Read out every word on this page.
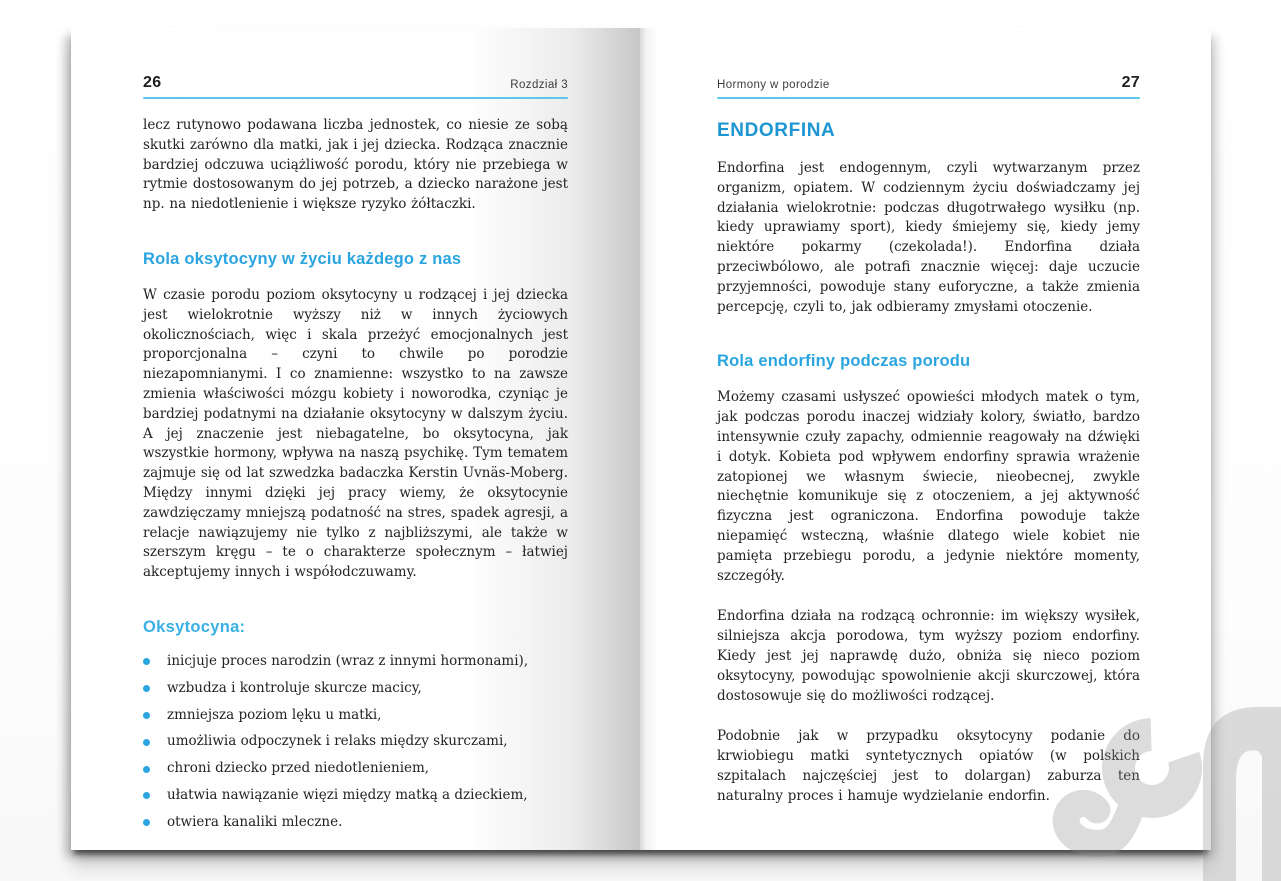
26	Rozdział 3

lecz rutynowo podawana liczba jednostek, co niesie ze sobą skutki zarówno dla matki, jak i jej dziecka. Rodząca znacznie bardziej odczuwa uciążliwość porodu, który nie przebiega w rytmie dostosowanym do jej potrzeb, a dziecko narażone jest np. na niedotlenienie i większe ryzyko żółtaczki.

Rola oksytocyny w życiu każdego z nas

W czasie porodu poziom oksytocyny u rodzącej i jej dziecka jest wielokrotnie wyższy niż w innych życiowych okolicznościach, więc i skala przeżyć emocjonalnych jest proporcjonalna – czyni to chwile po porodzie niezapomnianymi. I co znamienne: wszystko to na zawsze zmienia właściwości mózgu kobiety i noworodka, czyniąc je bardziej podatnymi na działanie oksytocyny w dalszym życiu. A jej znaczenie jest niebagatelne, bo oksytocyna, jak wszystkie hormony, wpływa na naszą psychikę. Tym tematem zajmuje się od lat szwedzka badaczka Kerstin Uvnäs-Moberg. Między innymi dzięki jej pracy wiemy, że oksytocynie zawdzięczamy mniejszą podatność na stres, spadek agresji, a relacje nawiązujemy nie tylko z najbliższymi, ale także w szerszym kręgu – te o charakterze społecznym – łatwiej akceptujemy innych i współodczuwamy.

Oksytocyna:
inicjuje proces narodzin (wraz z innymi hormonami),
wzbudza i kontroluje skurcze macicy,
zmniejsza poziom lęku u matki,
umożliwia odpoczynek i relaks między skurczami,
chroni dziecko przed niedotlenieniem,
ułatwia nawiązanie więzi między matką a dzieckiem,
otwiera kanaliki mleczne.
Hormony w porodzie	27
ENDORFINA

Endorfina jest endogennym, czyli wytwarzanym przez organizm, opiatem. W codziennym życiu doświadczamy jej działania wielokrotnie: podczas długotrwałego wysiłku (np. kiedy uprawiamy sport), kiedy śmiejemy się, kiedy jemy niektóre pokarmy (czekolada!). Endorfina działa przeciwbólowo, ale potrafi znacznie więcej: daje uczucie przyjemności, powoduje stany euforyczne, a także zmienia percepcję, czyli to, jak odbieramy zmysłami otoczenie.

Rola endorfiny podczas porodu

Możemy czasami usłyszeć opowieści młodych matek o tym, jak podczas porodu inaczej widziały kolory, światło, bardzo intensywnie czuły zapachy, odmiennie reagowały na dźwięki i dotyk. Kobieta pod wpływem endorfiny sprawia wrażenie zatopionej we własnym świecie, nieobecnej, zwykle niechętnie komunikuje się z otoczeniem, a jej aktywność fizyczna jest ograniczona. Endorfina powoduje także niepamięć wsteczną, właśnie dlatego wiele kobiet nie pamięta przebiegu porodu, a jedynie niektóre momenty, szczegóły.

Endorfina działa na rodzącą ochronnie: im większy wysiłek, silniejsza akcja porodowa, tym wyższy poziom endorfiny. Kiedy jest jej naprawdę dużo, obniża się nieco poziom oksytocyny, powodując spowolnienie akcji skurczowej, która dostosowuje się do możliwości rodzącej.

Podobnie jak w przypadku oksytocyny podanie do krwiobiegu matki syntetycznych opiatów (w polskich szpitalach najczęściej jest to dolargan) zaburza ten naturalny proces i hamuje wydzielanie endorfin.
